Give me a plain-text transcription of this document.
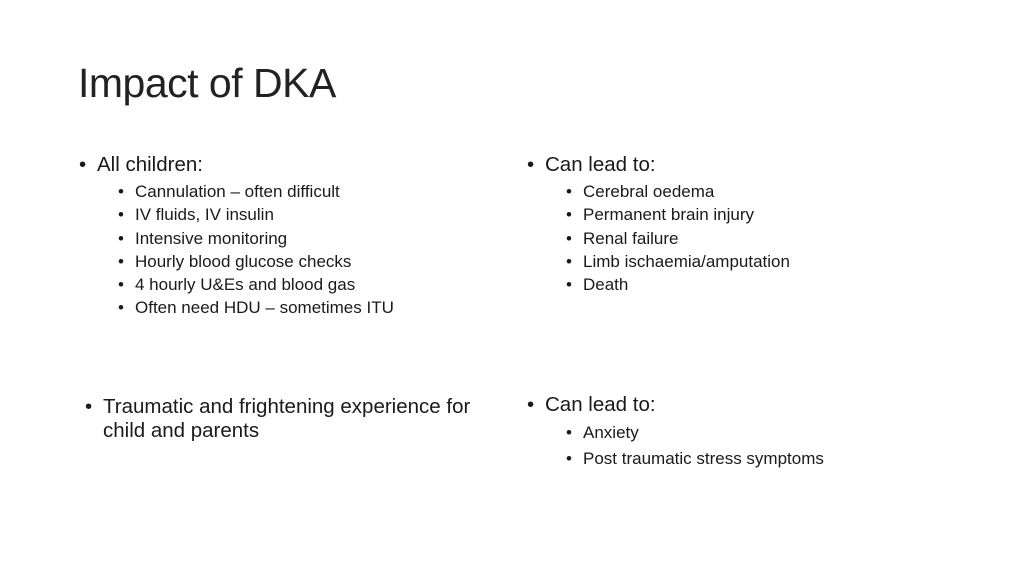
Impact of DKA
• All children:
• Cannulation – often difficult
• IV fluids, IV insulin
• Intensive monitoring
• Hourly blood glucose checks
• 4 hourly U&Es and blood gas
• Often need HDU – sometimes ITU
• Can lead to:
• Cerebral oedema
• Permanent brain injury
• Renal failure
• Limb ischaemia/amputation
• Death
• Traumatic and frightening experience for child and parents
• Can lead to:
• Anxiety
• Post traumatic stress symptoms
